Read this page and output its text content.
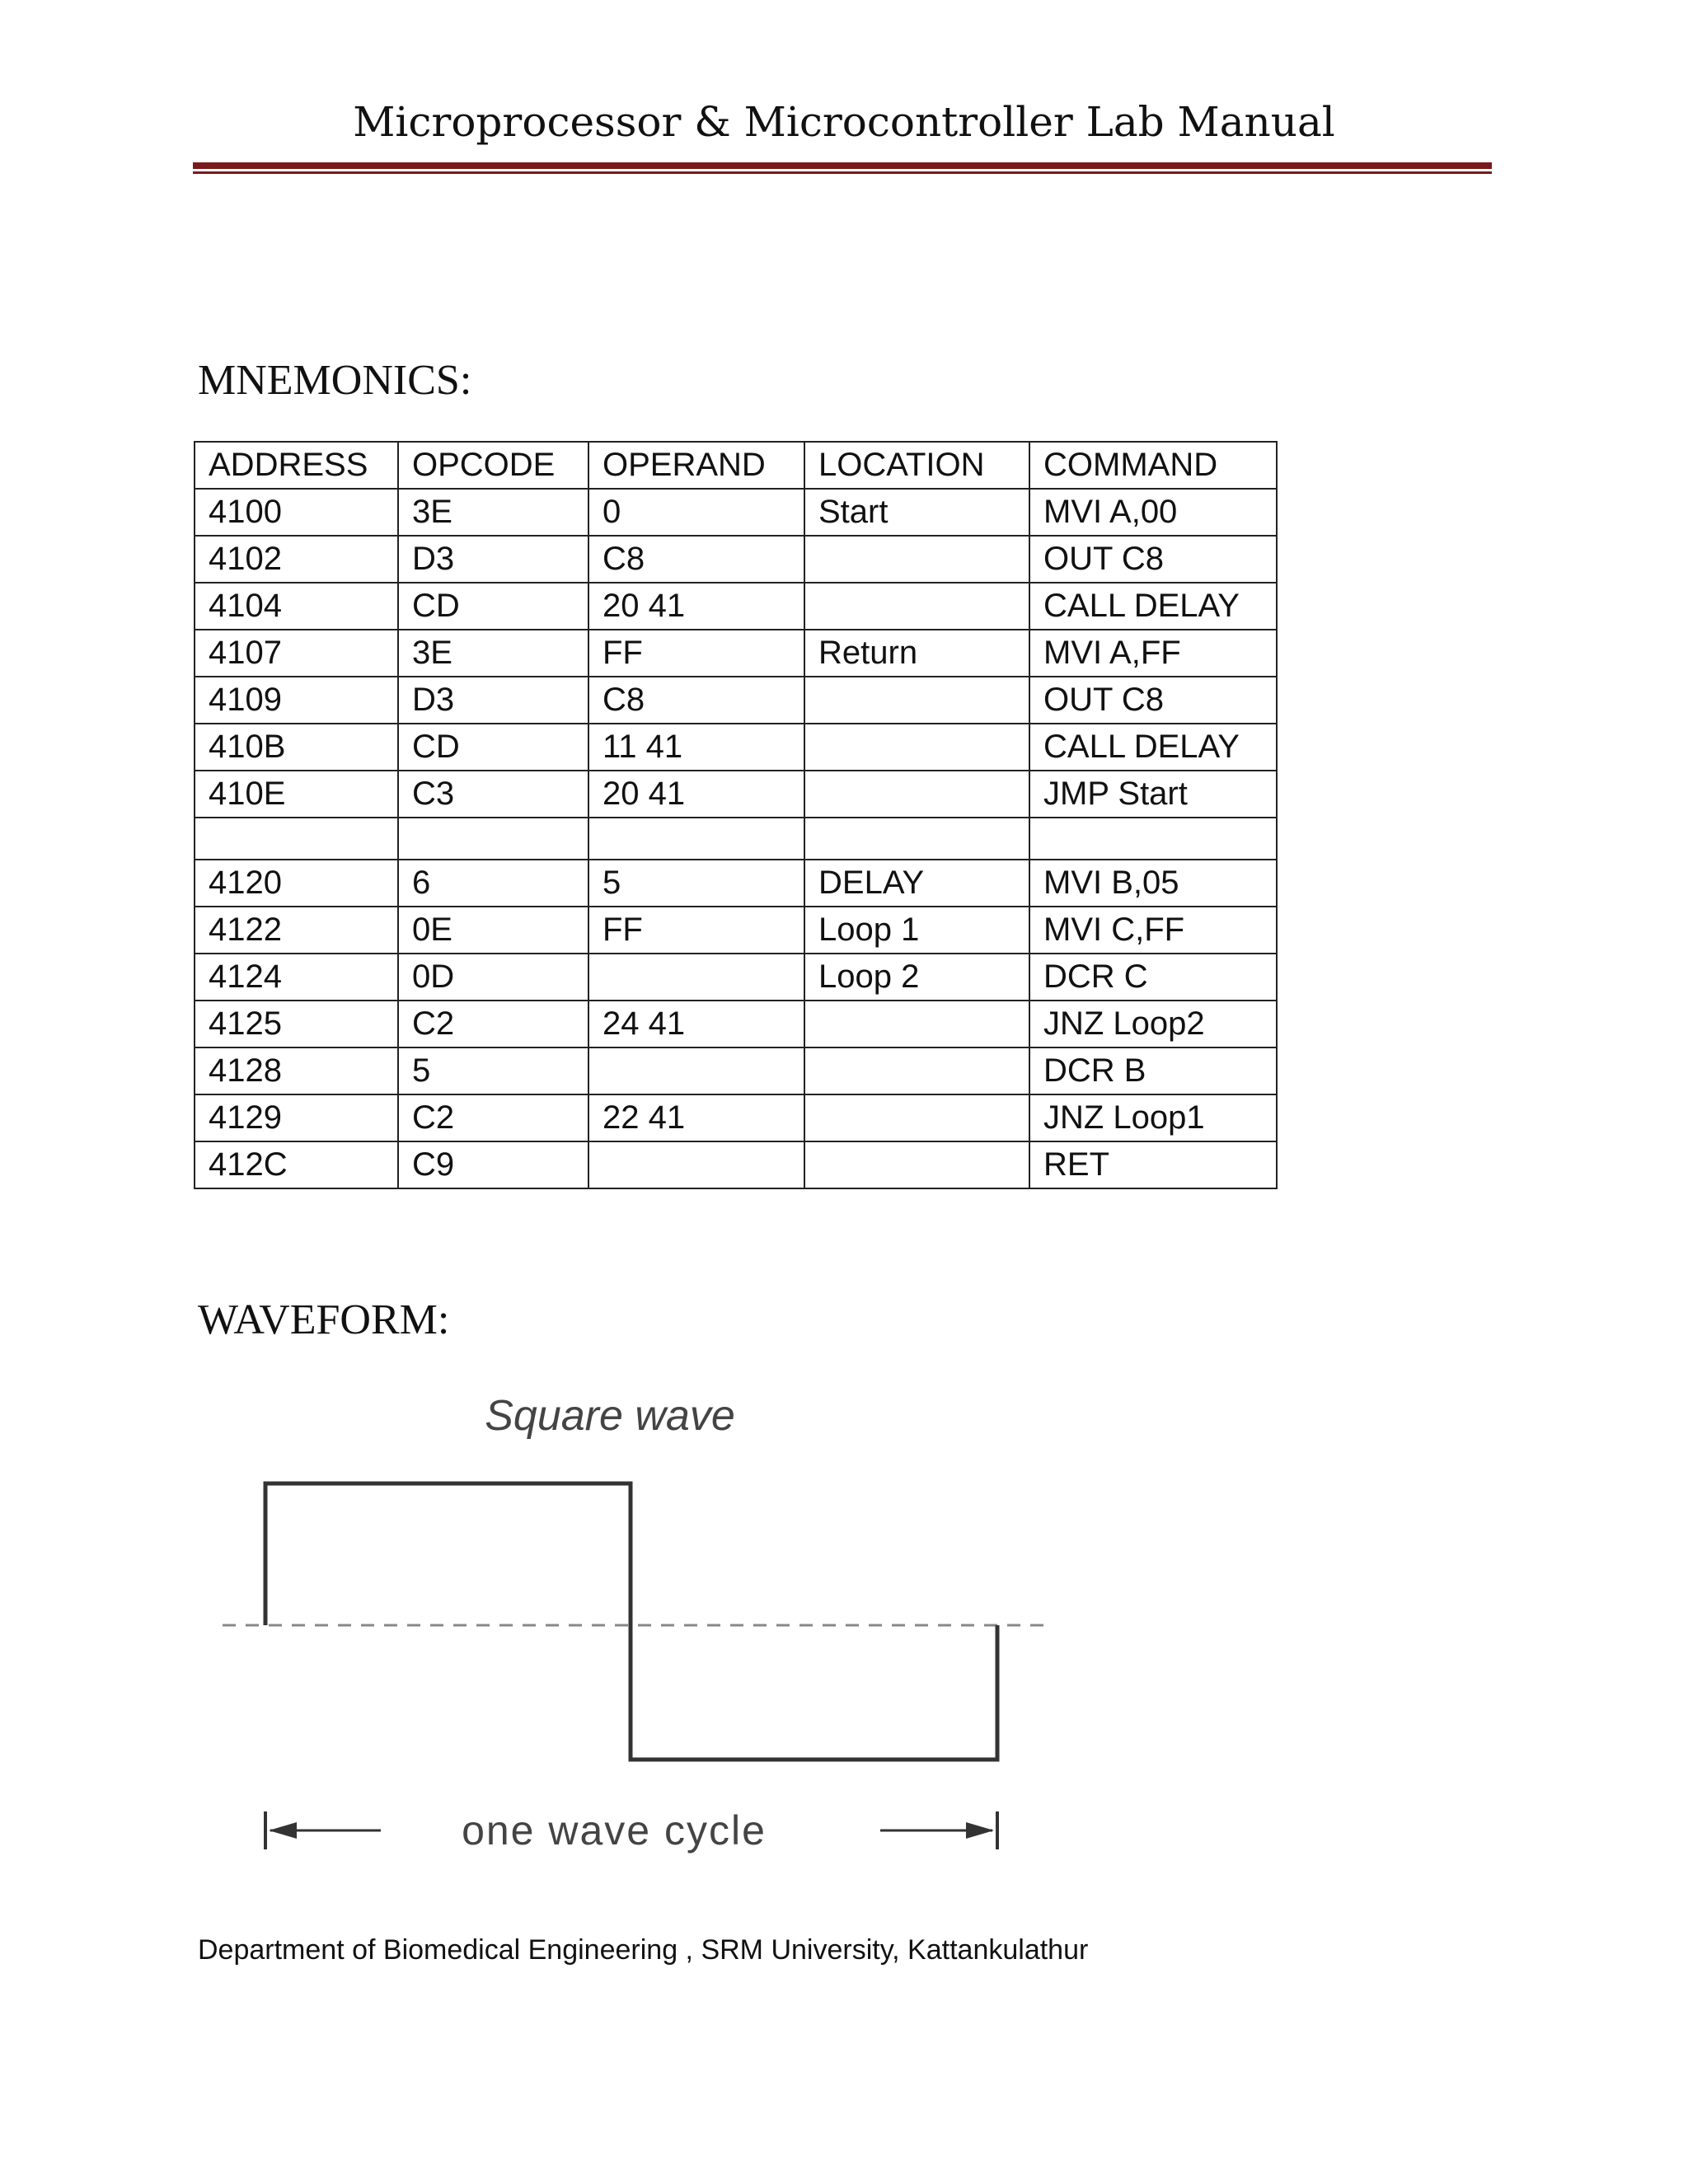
Microprocessor & Microcontroller Lab Manual
MNEMONICS:
ADDRESS	OPCODE	OPERAND	LOCATION	COMMAND
4100	3E	0	Start	MVI A,00
4102	D3	C8		OUT C8
4104	CD	20 41		CALL DELAY
4107	3E	FF	Return	MVI A,FF
4109	D3	C8		OUT C8
410B	CD	11 41		CALL DELAY
410E	C3	20 41		JMP Start

4120	6	5	DELAY	MVI B,05
4122	0E	FF	Loop 1	MVI C,FF
4124	0D		Loop 2	DCR C
4125	C2	24 41		JNZ Loop2
4128	5			DCR B
4129	C2	22 41		JNZ Loop1
412C	C9			RET
WAVEFORM:
Square wave
one wave cycle
Department of Biomedical Engineering , SRM University, Kattankulathur
